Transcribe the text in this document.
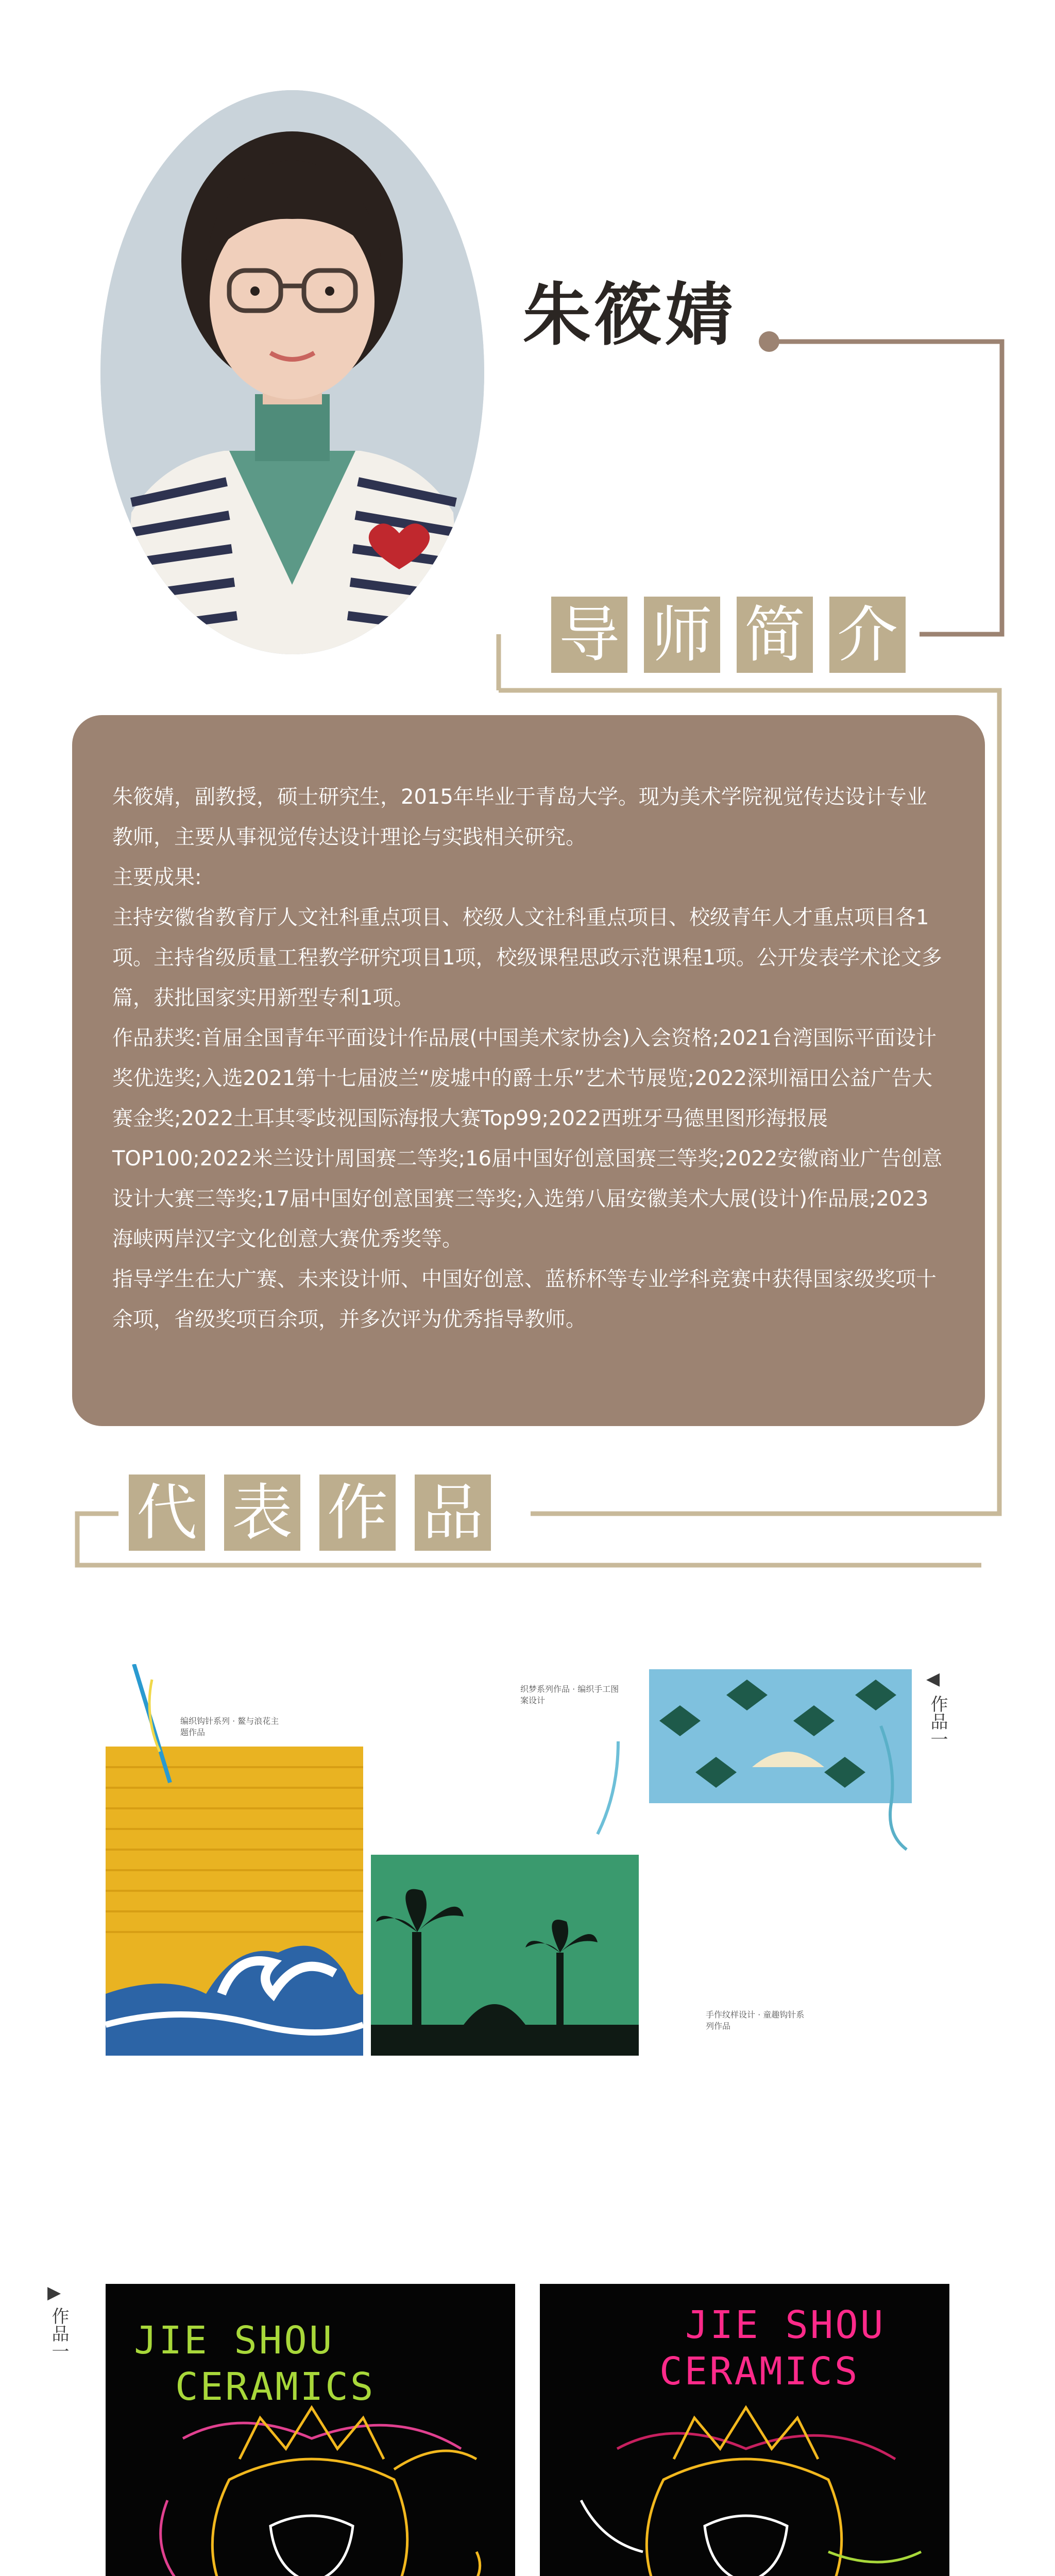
朱筱婧
导 师 简 介

朱筱婧，副教授，硕士研究生，2015年毕业于青岛大学。现为美术学院视觉传达设计专业教师，主要从事视觉传达设计理论与实践相关研究。

主要成果:

主持安徽省教育厅人文社科重点项目、校级人文社科重点项目、校级青年人才重点项目各1项。主持省级质量工程教学研究项目1项，校级课程思政示范课程1项。公开发表学术论文多篇，获批国家实用新型专利1项。

作品获奖:首届全国青年平面设计作品展(中国美术家协会)入会资格;2021台湾国际平面设计奖优选奖;入选2021第十七届波兰“废墟中的爵士乐”艺术节展览;2022深圳福田公益广告大赛金奖;2022土耳其零歧视国际海报大赛Top99;2022西班牙马德里图形海报展TOP100;2022米兰设计周国赛二等奖;16届中国好创意国赛三等奖;2022安徽商业广告创意设计大赛三等奖;17届中国好创意国赛三等奖;入选第八届安徽美术大展(设计)作品展;2023海峡两岸汉字文化创意大赛优秀奖等。

指导学生在大广赛、未来设计师、中国好创意、蓝桥杯等专业学科竞赛中获得国家级奖项十余项，省级奖项百余项，并多次评为优秀指导教师。

代 表 作 品
编织钩针系列 · 鳌与浪花主题作品
织梦系列作品 · 编织手工图案设计
手作纹样设计 · 童趣钩针系列作品
▶
作品一
▶
作品一 JIE SHOU
CERAMICS
JIE SHOU
CERAMICS
